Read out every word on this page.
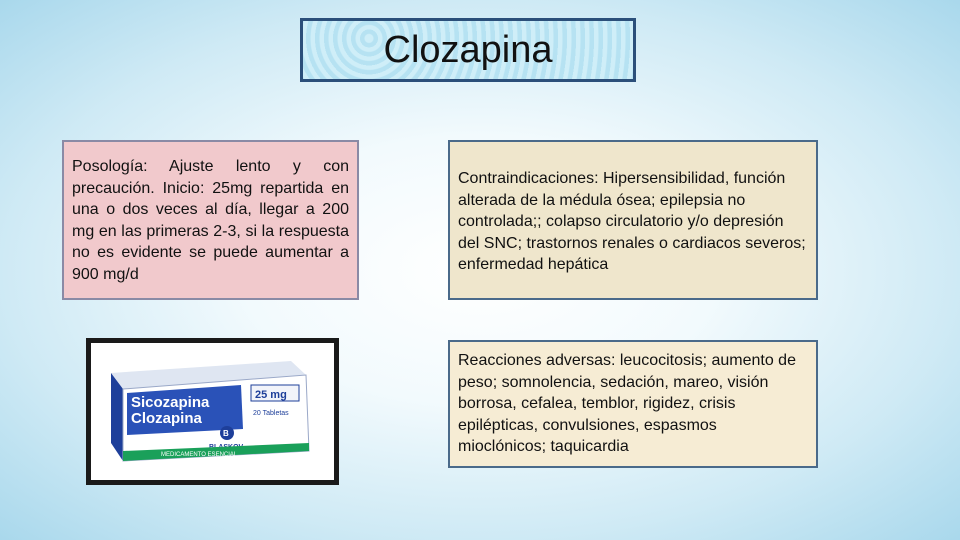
Clozapina
Posología: Ajuste lento y con precaución. Inicio: 25mg repartida en una o dos veces al día, llegar a 200 mg en las primeras 2-3, si la respuesta no es evidente se puede aumentar a 900 mg/d
Contraindicaciones: Hipersensibilidad, función alterada de la médula ósea; epilepsia no controlada;; colapso circulatorio y/o depresión del SNC; trastornos renales o cardiacos severos; enfermedad hepática
Reacciones adversas: leucocitosis; aumento de peso; somnolencia, sedación, mareo, visión borrosa, cefalea, temblor, rigidez, crisis epilépticas, convulsiones, espasmos mioclónicos; taquicardia
Sicozapina
Clozapina
25 mg
20 Tabletas
B
MEDICAMENTO ESENCIAL
